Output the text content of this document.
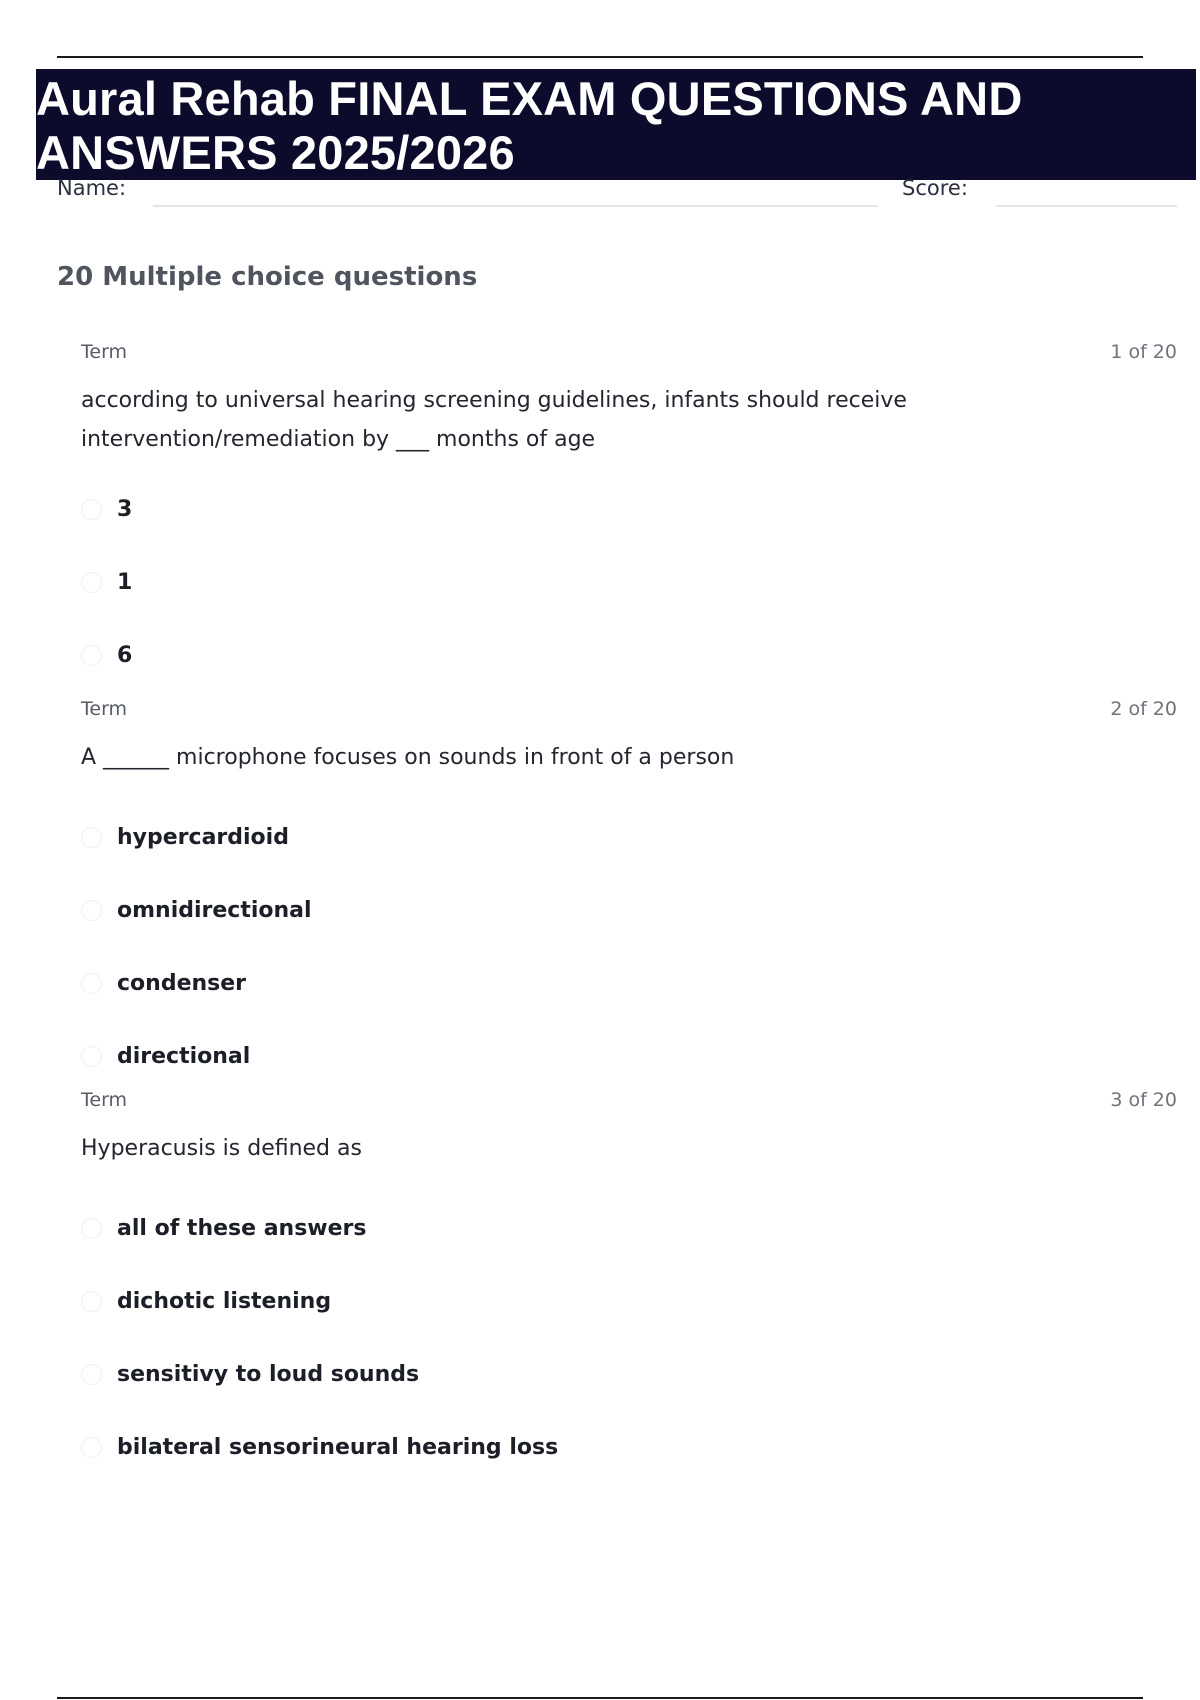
Aural Rehab FINAL EXAM QUESTIONS AND ANSWERS 2025/2026
Name:	Score:
20 Multiple choice questions
Term	1 of 20

according to universal hearing screening guidelines, infants should receive intervention/remediation by ___ months of age

3
1
6
Term	2 of 20

A ______ microphone focuses on sounds in front of a person

hypercardioid
omnidirectional
condenser
directional
Term	3 of 20

Hyperacusis is defined as

all of these answers
dichotic listening
sensitivy to loud sounds
bilateral sensorineural hearing loss
